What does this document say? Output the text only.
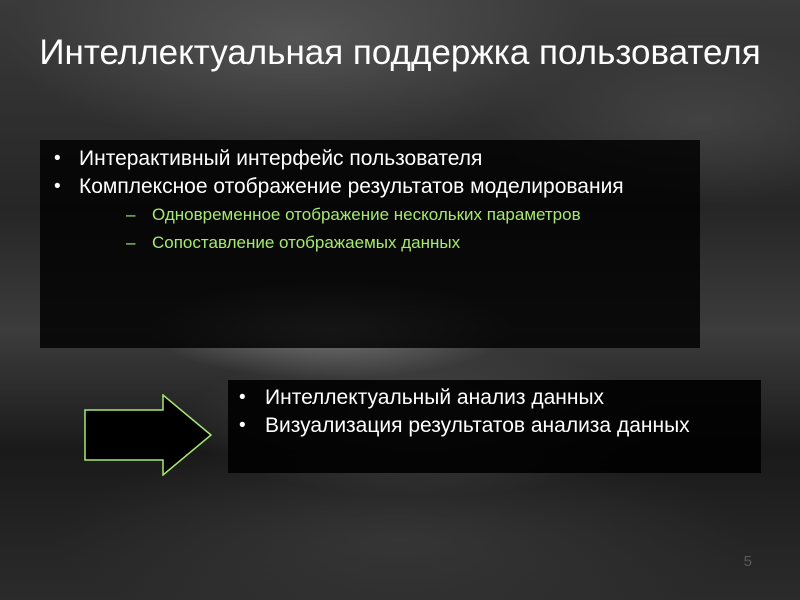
Интеллектуальная поддержка пользователя
• Интерактивный интерфейс пользователя
• Комплексное отображение результатов моделирования
– Одновременное отображение нескольких параметров
– Сопоставление отображаемых данных
• Интеллектуальный анализ данных
• Визуализация результатов анализа данных
5
